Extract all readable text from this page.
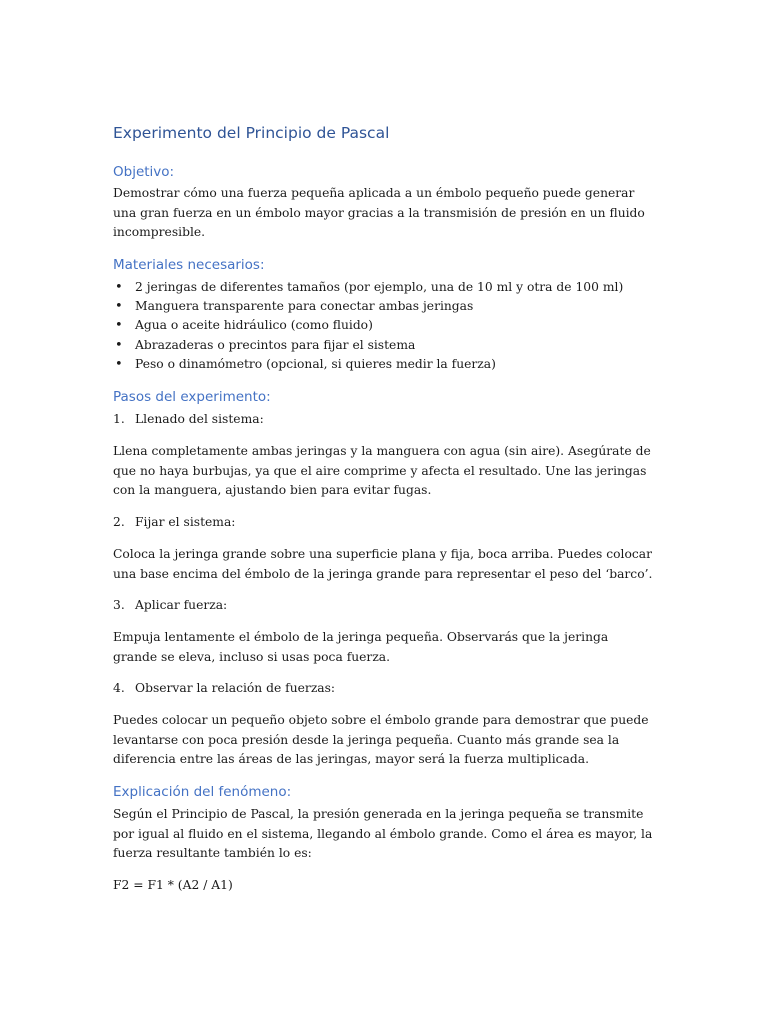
Experimento del Principio de Pascal
Objetivo:

Demostrar cómo una fuerza pequeña aplicada a un émbolo pequeño puede generar una gran fuerza en un émbolo mayor gracias a la transmisión de presión en un fluido incompresible.

Materiales necesarios:
• 2 jeringas de diferentes tamaños (por ejemplo, una de 10 ml y otra de 100 ml)
• Manguera transparente para conectar ambas jeringas
• Agua o aceite hidráulico (como fluido)
• Abrazaderas o precintos para fijar el sistema
• Peso o dinamómetro (opcional, si quieres medir la fuerza)
Pasos del experimento:

1. Llenado del sistema:

Llena completamente ambas jeringas y la manguera con agua (sin aire). Asegúrate de que no haya burbujas, ya que el aire comprime y afecta el resultado. Une las jeringas con la manguera, ajustando bien para evitar fugas.

2. Fijar el sistema:

Coloca la jeringa grande sobre una superficie plana y fija, boca arriba. Puedes colocar una base encima del émbolo de la jeringa grande para representar el peso del ‘barco’.

3. Aplicar fuerza:

Empuja lentamente el émbolo de la jeringa pequeña. Observarás que la jeringa grande se eleva, incluso si usas poca fuerza.

4. Observar la relación de fuerzas:

Puedes colocar un pequeño objeto sobre el émbolo grande para demostrar que puede levantarse con poca presión desde la jeringa pequeña. Cuanto más grande sea la diferencia entre las áreas de las jeringas, mayor será la fuerza multiplicada.

Explicación del fenómeno:

Según el Principio de Pascal, la presión generada en la jeringa pequeña se transmite por igual al fluido en el sistema, llegando al émbolo grande. Como el área es mayor, la fuerza resultante también lo es:

F2 = F1 * (A2 / A1)
